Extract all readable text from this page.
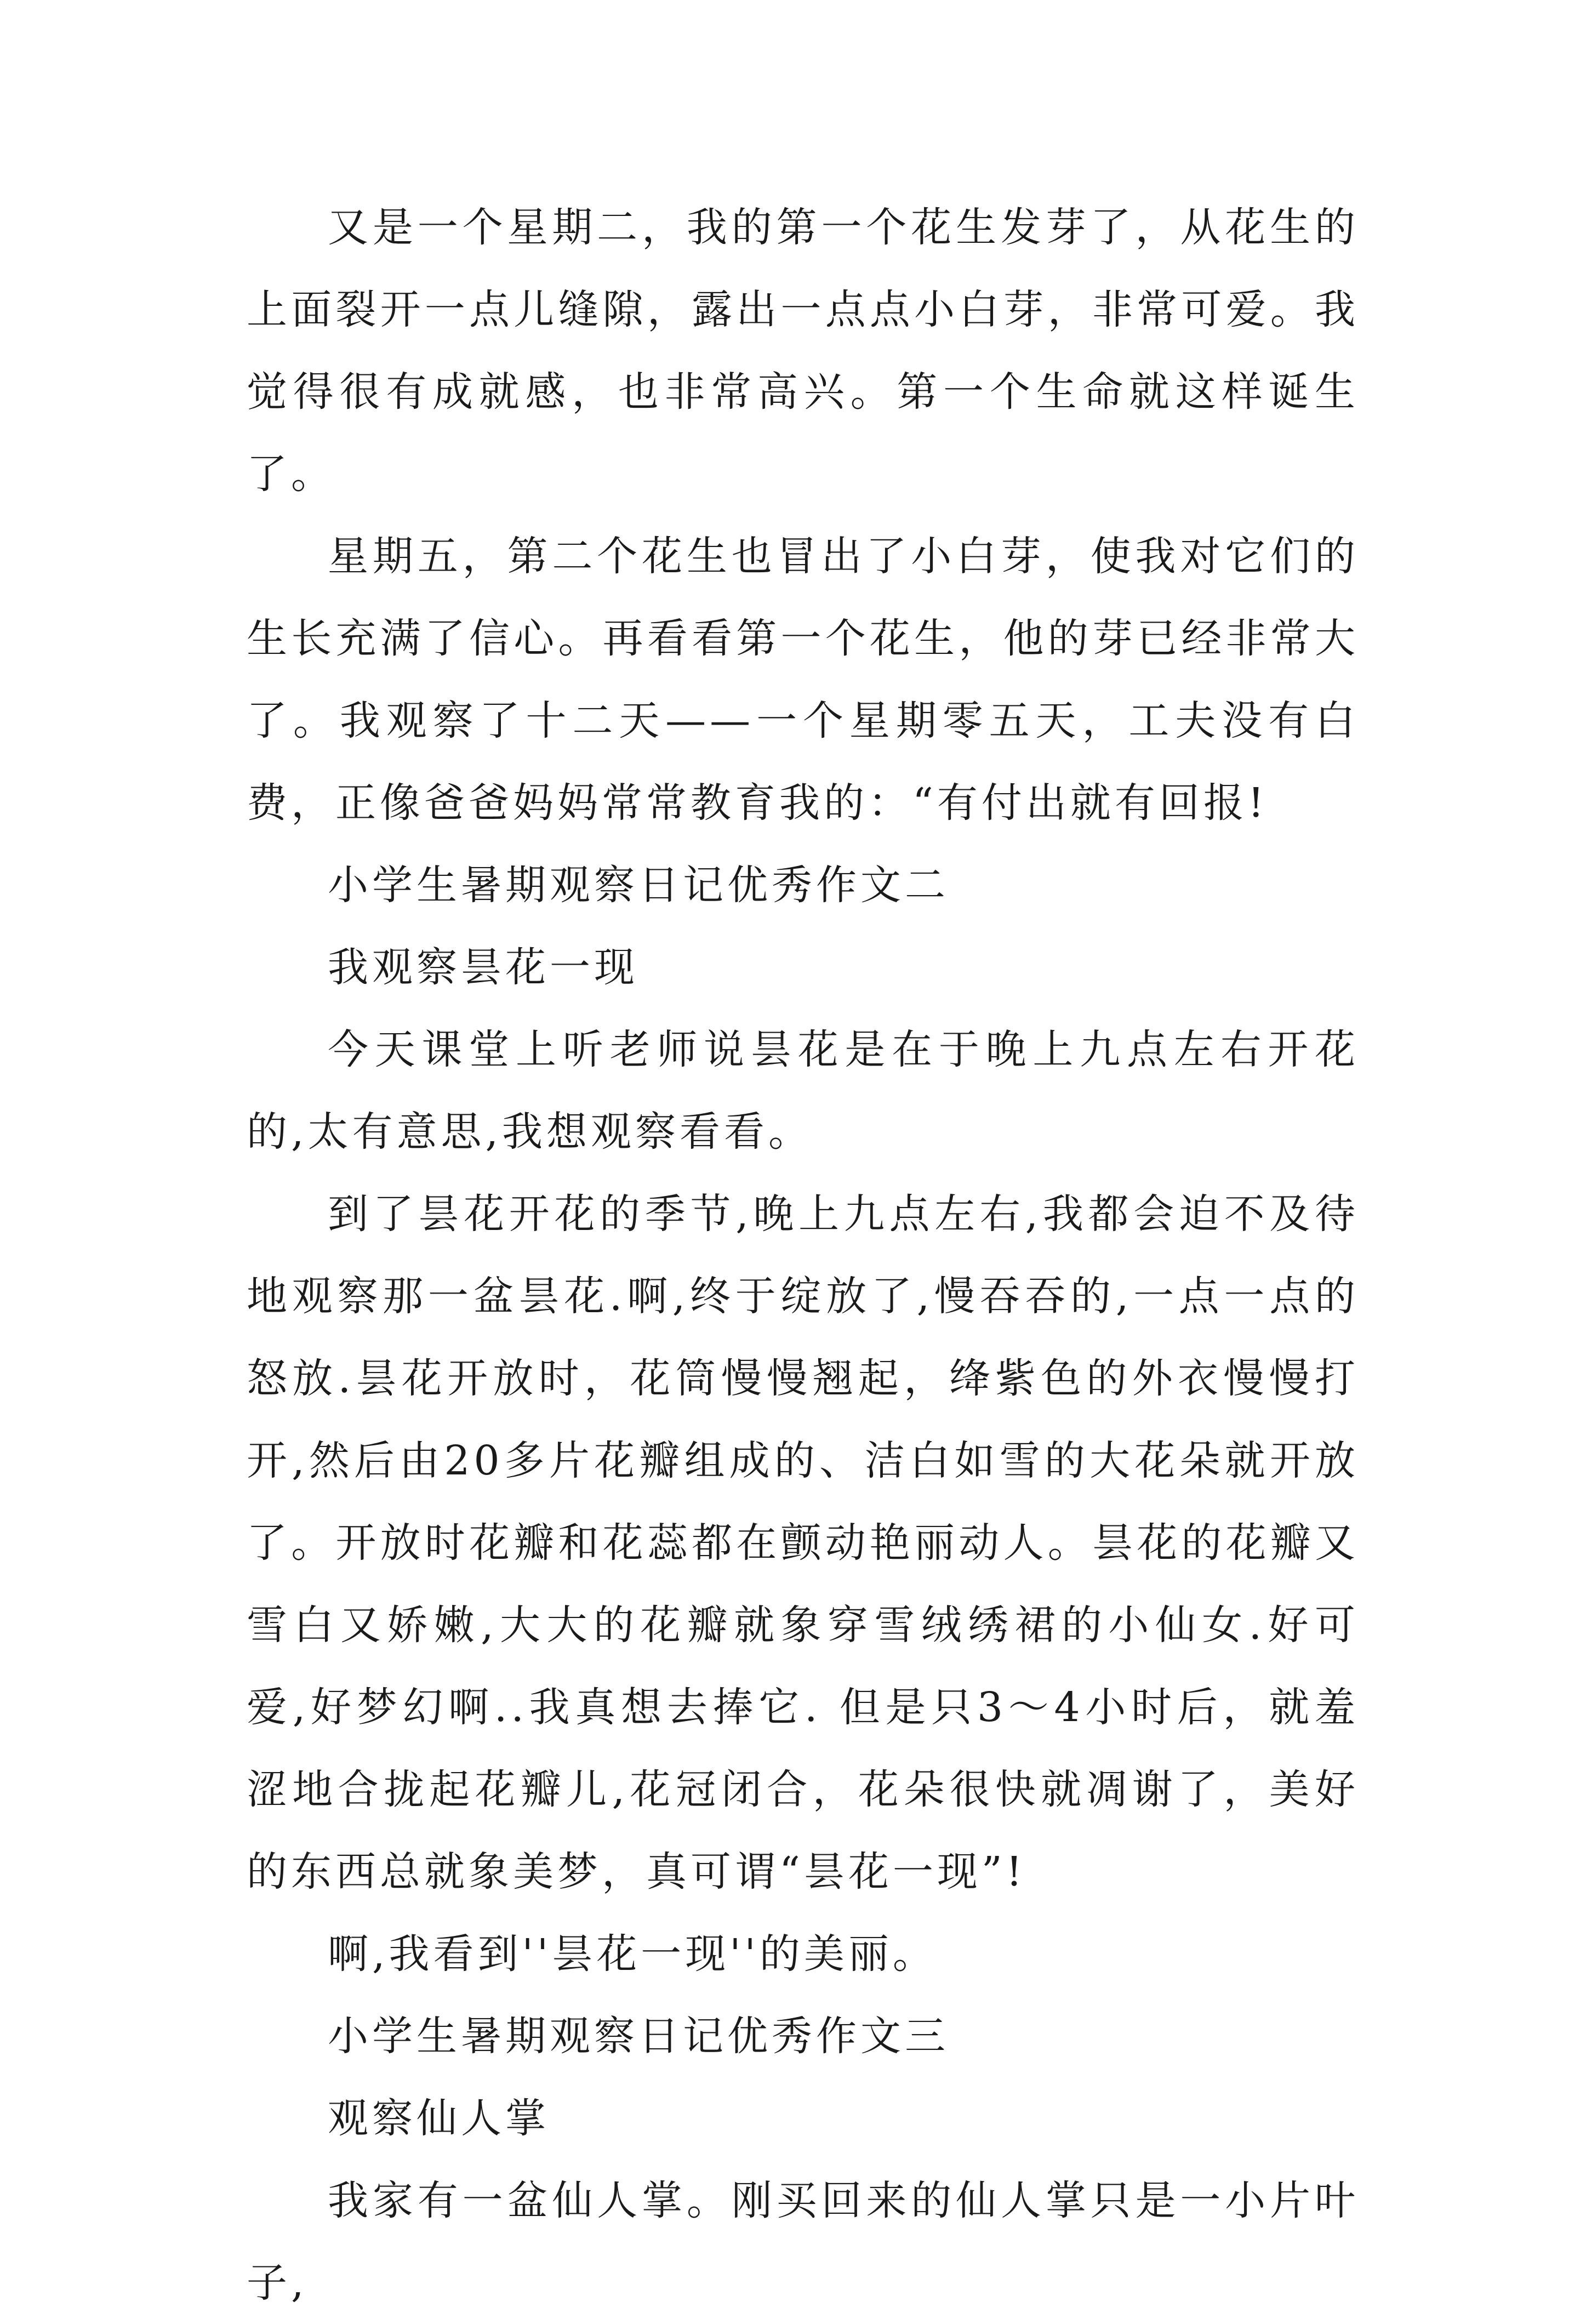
又是一个星期二，我的第一个花生发芽了，从花生的上面裂开一点儿缝隙，露出一点点小白芽，非常可爱。我觉得很有成就感，也非常高兴。第一个生命就这样诞生了。

星期五，第二个花生也冒出了小白芽，使我对它们的生长充满了信心。再看看第一个花生，他的芽已经非常大了。我观察了十二天——一个星期零五天，工夫没有白费，正像爸爸妈妈常常教育我的：“有付出就有回报!

小学生暑期观察日记优秀作文二

我观察昙花一现

今天课堂上听老师说昙花是在于晚上九点左右开花的,太有意思,我想观察看看。

到了昙花开花的季节,晚上九点左右,我都会迫不及待地观察那一盆昙花.啊,终于绽放了,慢吞吞的,一点一点的怒放.昙花开放时，花筒慢慢翘起，绛紫色的外衣慢慢打开,然后由20多片花瓣组成的、洁白如雪的大花朵就开放了。开放时花瓣和花蕊都在颤动艳丽动人。昙花的花瓣又雪白又娇嫩,大大的花瓣就象穿雪绒绣裙的小仙女.好可爱,好梦幻啊..我真想去捧它. 但是只3～4小时后，就羞涩地合拢起花瓣儿,花冠闭合，花朵很快就凋谢了，美好的东西总就象美梦，真可谓“昙花一现”!

啊,我看到''昙花一现''的美丽。

小学生暑期观察日记优秀作文三

观察仙人掌

我家有一盆仙人掌。刚买回来的仙人掌只是一小片叶子,
